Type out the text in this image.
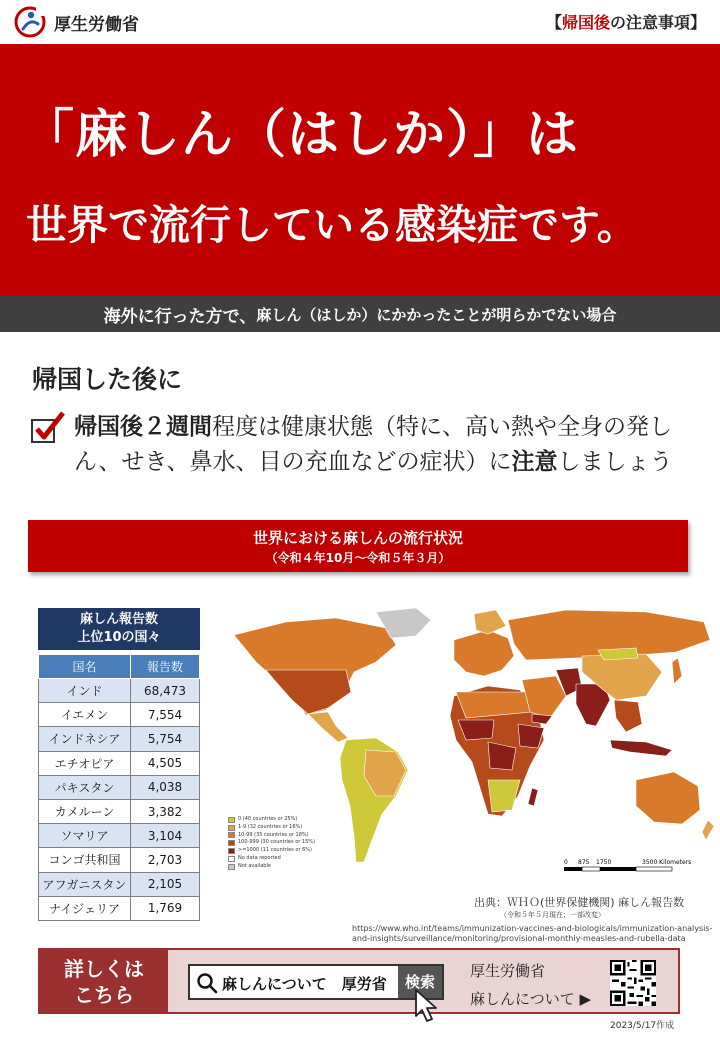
厚生労働省	【帰国後の注意事項】
「麻しん（はしか）」は
世界で流行している感染症です。
海外に行った方で、 麻しん（はしか）にかかったことが明らかでない場合
帰国した後に
帰国後２週間程度は健康状態（特に、高い熱や全身の発しん、せき、鼻水、目の充血などの症状）に注意しましょう
世界における麻しんの流行状況
（令和４年10月～令和５年３月）
麻しん報告数
上位10の国々
国名	報告数
インド	68,473
イエメン	7,554
インドネシア	5,754
エチオピア	4,505
パキスタン	4,038
カメルーン	3,382
ソマリア	3,104
コンゴ共和国	2,703
アフガニスタン	2,105
ナイジェリア	1,769
0 (40 countries or 25%)
1-9 (32 countries or 16%)
10-99 (35 countries or 18%)
100-999 (30 countries or 15%)
>=1000 (11 countries or 6%)
No data reported
Not available	0 875 1750	3500 Kilometers
出典：ＷＨＯ(世界保健機関) 麻しん報告数
（令和５年５月現在；一部改変）
https://www.who.int/teams/immunization-vaccines-and-biologicals/immunization-analysis-and-insights/surveillance/monitoring/provisional-monthly-measles-and-rubella-data
詳しくは
こちら	麻しんについて　厚労省	検索
厚生労働省
麻しんについて ▶
2023/5/17作成
